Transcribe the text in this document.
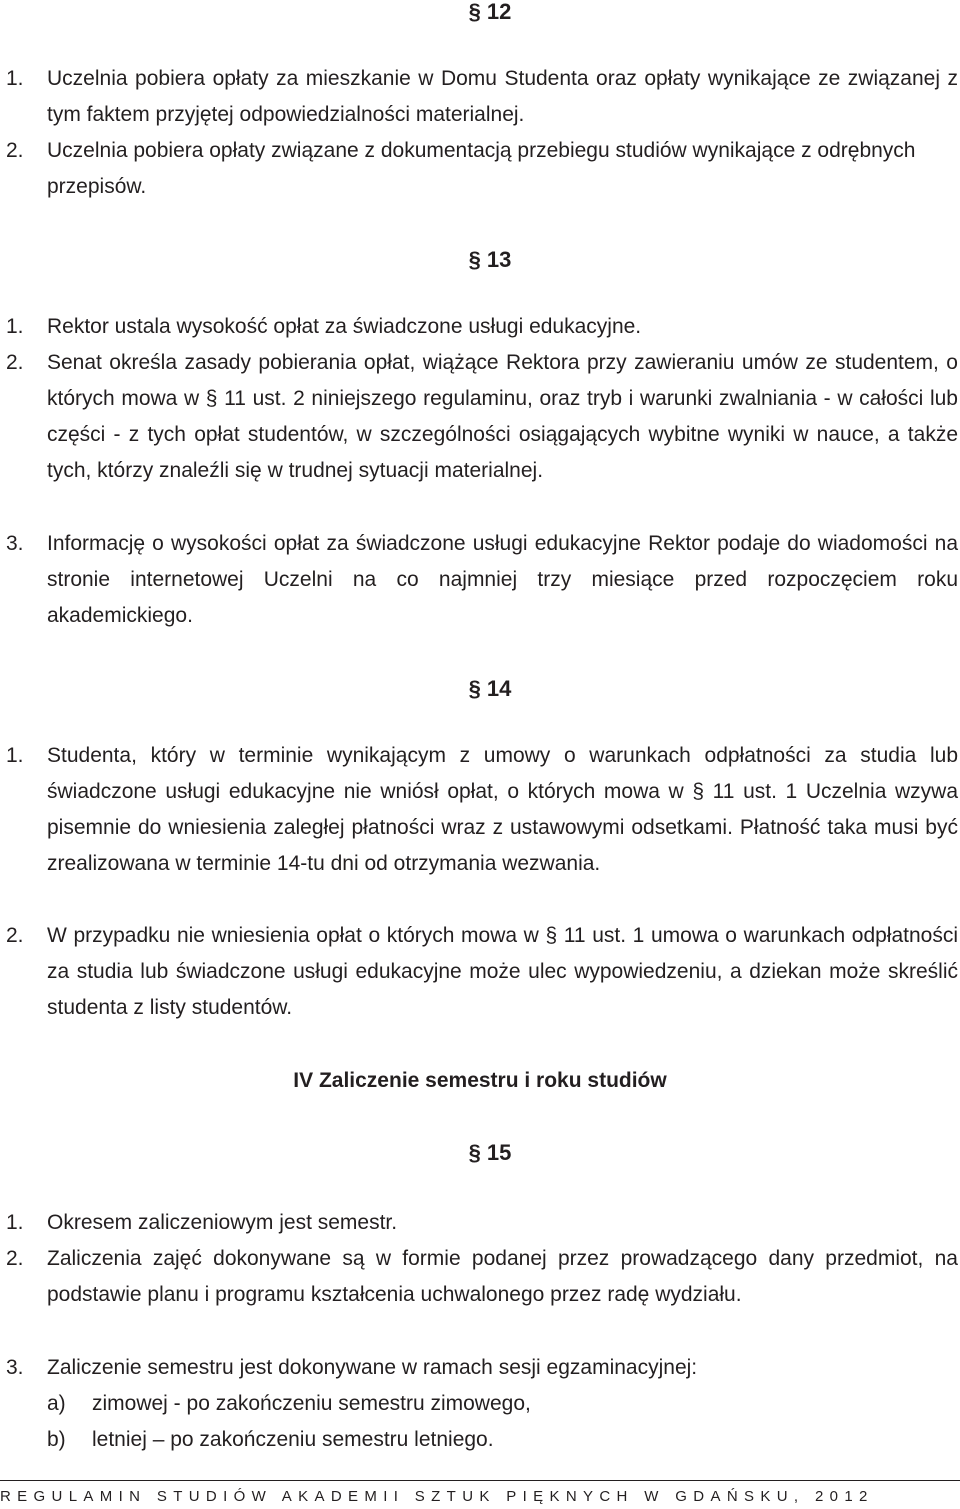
§ 12
1.	Uczelnia pobiera opłaty za mieszkanie w Domu Studenta oraz opłaty wynikające ze związanej z tym faktem przyjętej odpowiedzialności materialnej.
2.	Uczelnia pobiera opłaty związane z dokumentacją przebiegu studiów wynikające z odrębnych przepisów.
§ 13
1.	Rektor ustala wysokość opłat za świadczone usługi edukacyjne.
2.	Senat określa zasady pobierania opłat, wiążące Rektora przy zawieraniu umów ze studentem, o których mowa w § 11 ust. 2 niniejszego regulaminu, oraz tryb i warunki zwalniania - w całości lub części - z tych opłat studentów, w szczególności osiągających wybitne wyniki w nauce, a także tych, którzy znaleźli się w trudnej sytuacji materialnej.
3.	Informację o wysokości opłat za świadczone usługi edukacyjne Rektor podaje do wiadomości na stronie internetowej Uczelni na co najmniej trzy miesiące przed rozpoczęciem roku akademickiego.
§ 14
1.	Studenta, który w terminie wynikającym z umowy o warunkach odpłatności za studia lub świadczone usługi edukacyjne nie wniósł opłat, o których mowa w § 11 ust. 1 Uczelnia wzywa pisemnie do wniesienia zaległej płatności wraz z ustawowymi odsetkami. Płatność taka musi być zrealizowana w terminie 14-tu dni od otrzymania wezwania.
2.	W przypadku nie wniesienia opłat o których mowa w § 11 ust. 1 umowa o warunkach odpłatności za studia lub świadczone usługi edukacyjne może ulec wypowiedzeniu, a dziekan może skreślić studenta z listy studentów.
IV Zaliczenie semestru i roku studiów
§ 15
1.	Okresem zaliczeniowym jest semestr.
2.	Zaliczenia zajęć dokonywane są w formie podanej przez prowadzącego dany przedmiot, na podstawie planu i programu kształcenia uchwalonego przez radę wydziału.
3.	Zaliczenie semestru jest dokonywane w ramach sesji egzaminacyjnej:
a) zimowej - po zakończeniu semestru zimowego,
b) letniej – po zakończeniu semestru letniego.
REGULAMIN STUDIÓW AKADEMII SZTUK PIĘKNYCH W GDAŃSKU, 2012
